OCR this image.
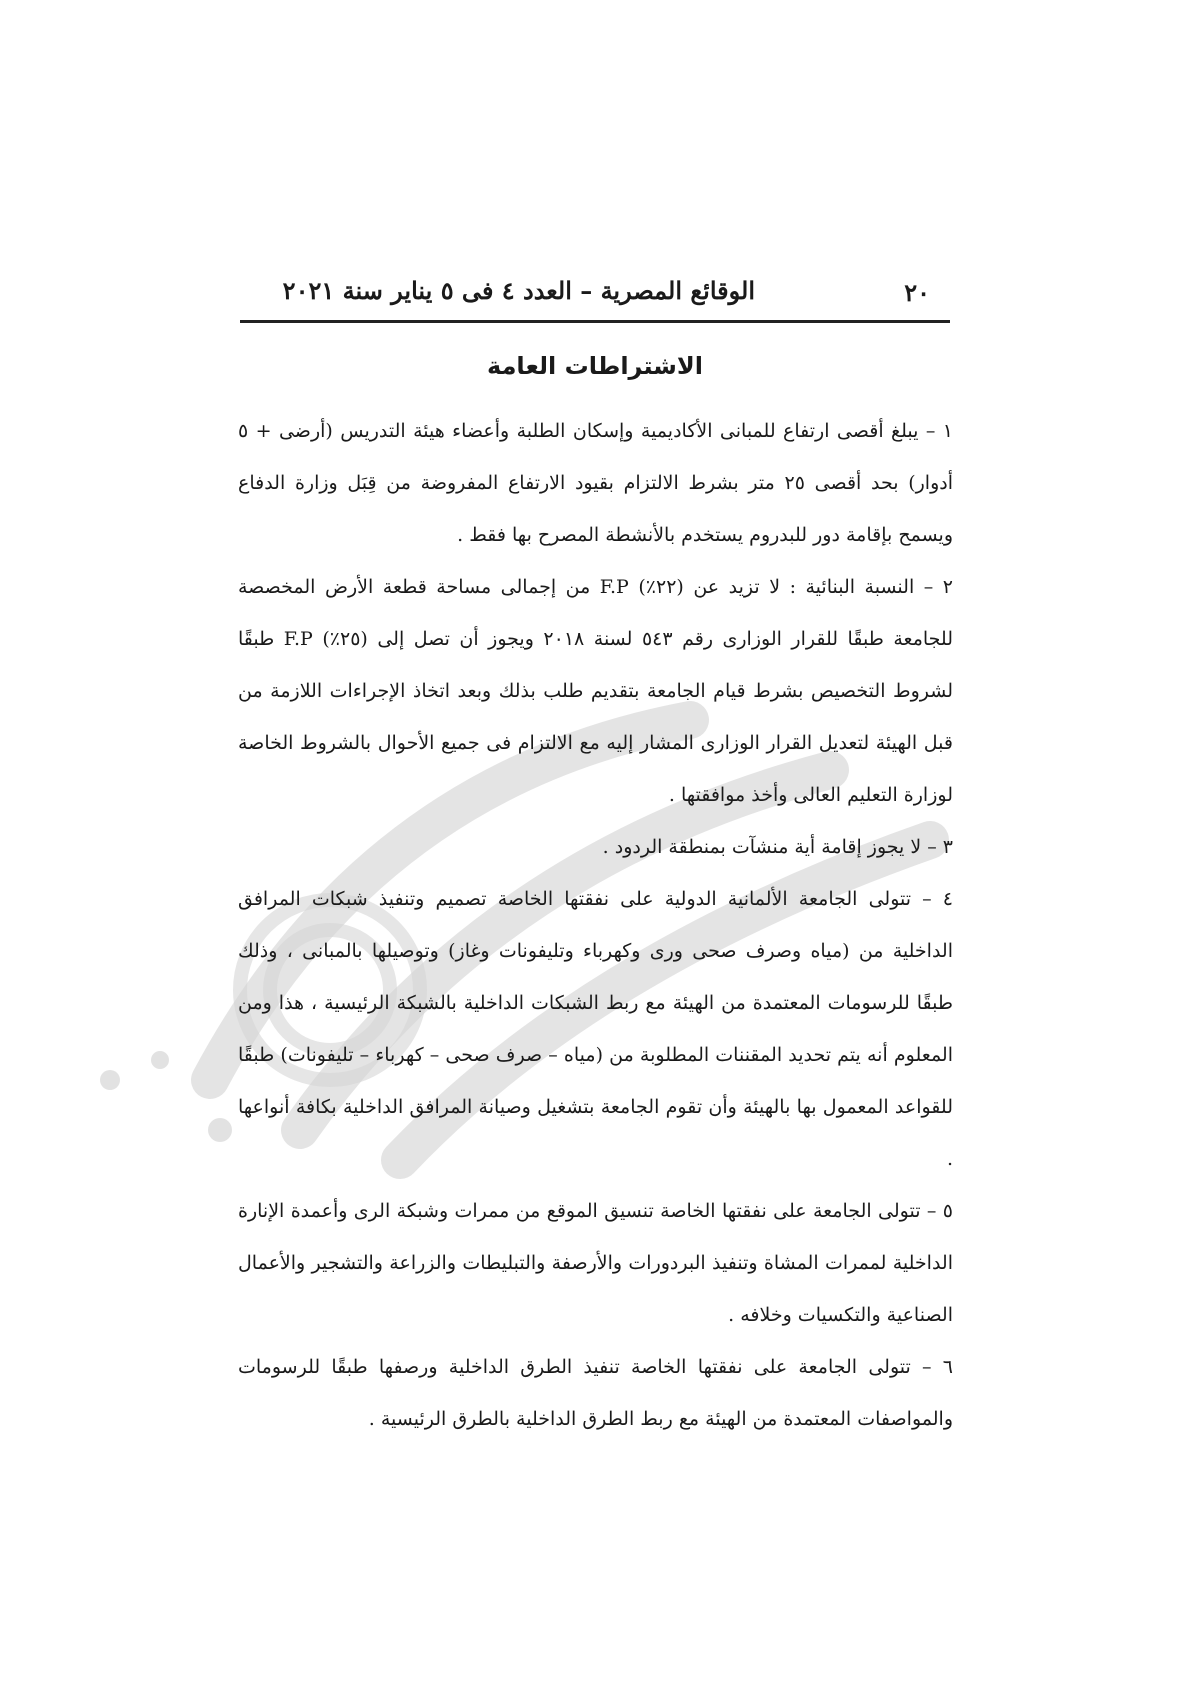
٢٠
الوقائع المصرية – العدد ٤ فى ٥ يناير سنة ٢٠٢١
الاشتراطات العامة

١ – يبلغ أقصى ارتفاع للمبانى الأكاديمية وإسكان الطلبة وأعضاء هيئة التدريس (أرضى + ٥ أدوار) بحد أقصى ٢٥ متر بشرط الالتزام بقيود الارتفاع المفروضة من قِبَل وزارة الدفاع ويسمح بإقامة دور للبدروم يستخدم بالأنشطة المصرح بها فقط .

٢ – النسبة البنائية : لا تزيد عن (٢٢٪) F.P من إجمالى مساحة قطعة الأرض المخصصة للجامعة طبقًا للقرار الوزارى رقم ٥٤٣ لسنة ٢٠١٨ ويجوز أن تصل إلى (٢٥٪) F.P طبقًا لشروط التخصيص بشرط قيام الجامعة بتقديم طلب بذلك وبعد اتخاذ الإجراءات اللازمة من قبل الهيئة لتعديل القرار الوزارى المشار إليه مع الالتزام فى جميع الأحوال بالشروط الخاصة لوزارة التعليم العالى وأخذ موافقتها .

٣ – لا يجوز إقامة أية منشآت بمنطقة الردود .

٤ – تتولى الجامعة الألمانية الدولية على نفقتها الخاصة تصميم وتنفيذ شبكات المرافق الداخلية من (مياه وصرف صحى ورى وكهرباء وتليفونات وغاز) وتوصيلها بالمبانى ، وذلك طبقًا للرسومات المعتمدة من الهيئة مع ربط الشبكات الداخلية بالشبكة الرئيسية ، هذا ومن المعلوم أنه يتم تحديد المقننات المطلوبة من (مياه – صرف صحى – كهرباء – تليفونات) طبقًا للقواعد المعمول بها بالهيئة وأن تقوم الجامعة بتشغيل وصيانة المرافق الداخلية بكافة أنواعها .

٥ – تتولى الجامعة على نفقتها الخاصة تنسيق الموقع من ممرات وشبكة الرى وأعمدة الإنارة الداخلية لممرات المشاة وتنفيذ البردورات والأرصفة والتبليطات والزراعة والتشجير والأعمال الصناعية والتكسيات وخلافه .

٦ – تتولى الجامعة على نفقتها الخاصة تنفيذ الطرق الداخلية ورصفها طبقًا للرسومات والمواصفات المعتمدة من الهيئة مع ربط الطرق الداخلية بالطرق الرئيسية .
